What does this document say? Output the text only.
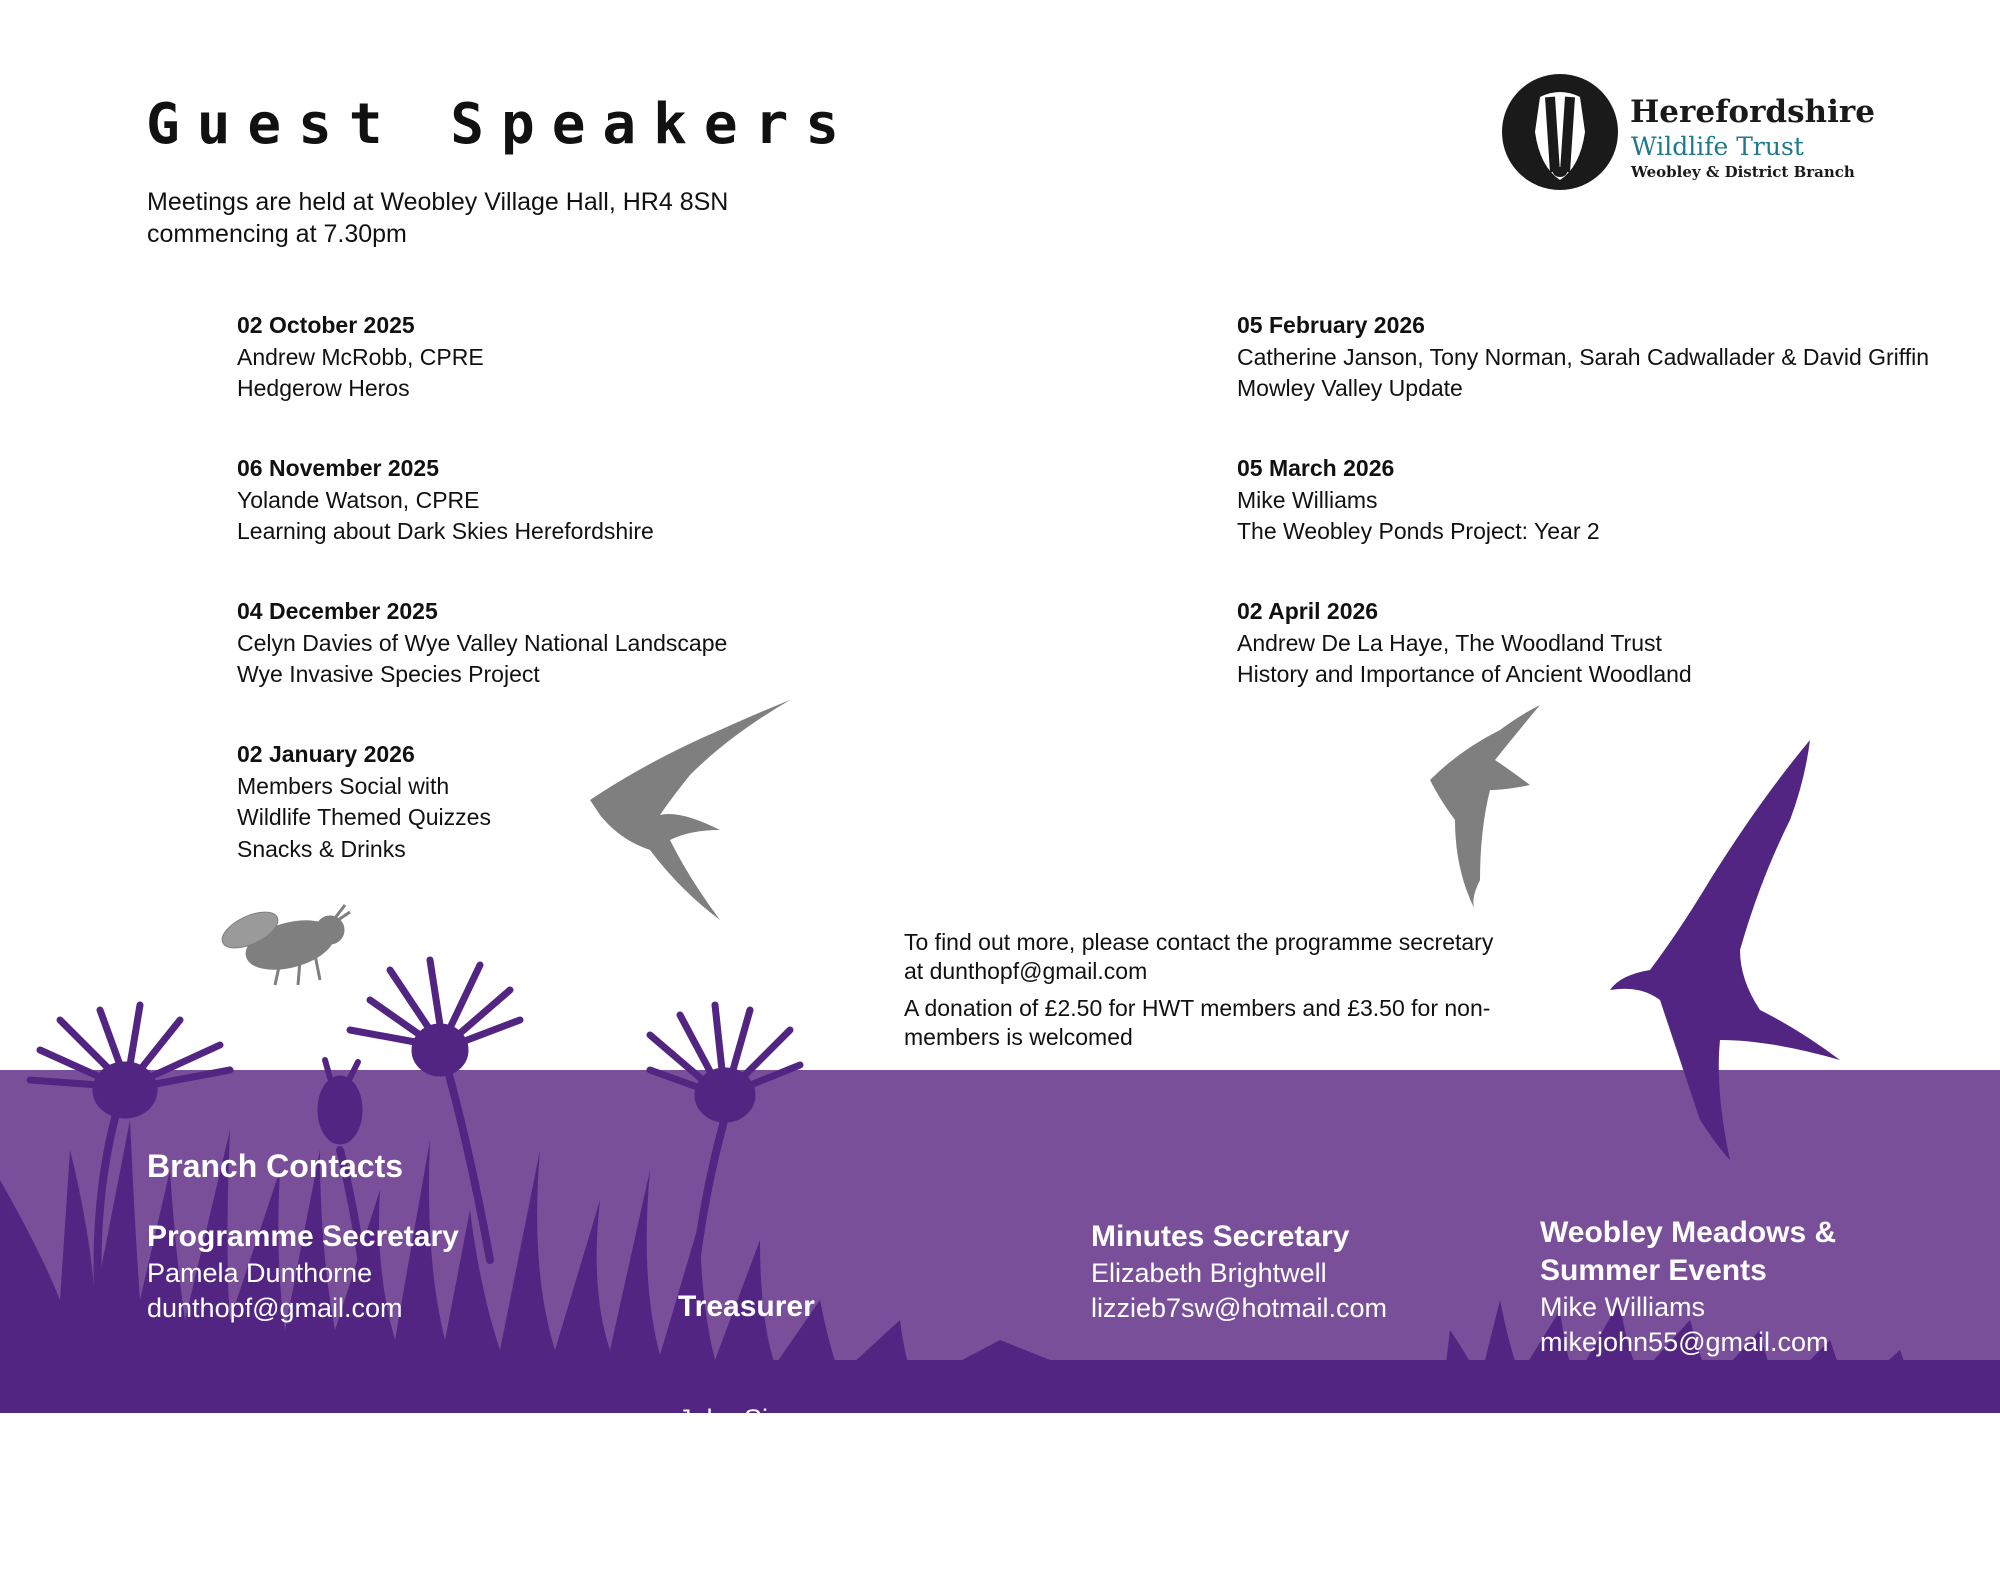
Guest Speakers
Meetings are held at Weobley Village Hall, HR4 8SN
commencing at 7.30pm
Herefordshire
Wildlife Trust
Weobley & District Branch
02 October 2025
Andrew McRobb, CPRE
Hedgerow Heros
06 November 2025
Yolande Watson, CPRE
Learning about Dark Skies Herefordshire
04 December 2025
Celyn Davies of Wye Valley National Landscape
Wye Invasive Species Project
02 January 2026
Members Social with
Wildlife Themed Quizzes
Snacks & Drinks
05 February 2026
Catherine Janson, Tony Norman, Sarah Cadwallader & David Griffin
Mowley Valley Update
05 March 2026
Mike Williams
The Weobley Ponds Project: Year 2
02 April 2026
Andrew De La Haye, The Woodland Trust
History and Importance of Ancient Woodland

To find out more, please contact the programme secretary
at dunthopf@gmail.com

A donation of £2.50 for HWT members and £3.50 for non-
members is welcomed

Branch Contacts
Programme Secretary
Pamela Dunthorne
dunthopf@gmail.com

	Treasurer

John Simons

johnsimons500@gmail.com

Minutes Secretary
Elizabeth Brightwell
lizzieb7sw@hotmail.com
Weobley Meadows &
Summer Events
Mike Williams
mikejohn55@gmail.com
